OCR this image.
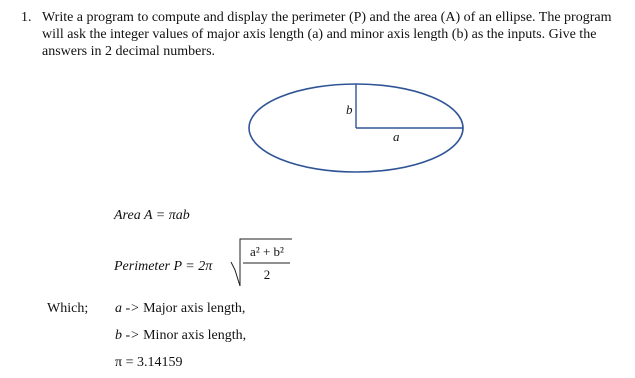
1. Write a program to compute and display the perimeter (P) and the area (A) of an ellipse. The program
will ask the integer values of major axis length (a) and minor axis length (b) as the inputs. Give the
answers in 2 decimal numbers.
b
a
Area A = πab
Perimeter P = 2π
a² + b²
2
Which; a -> Major axis length,
b -> Minor axis length,
π = 3.14159
